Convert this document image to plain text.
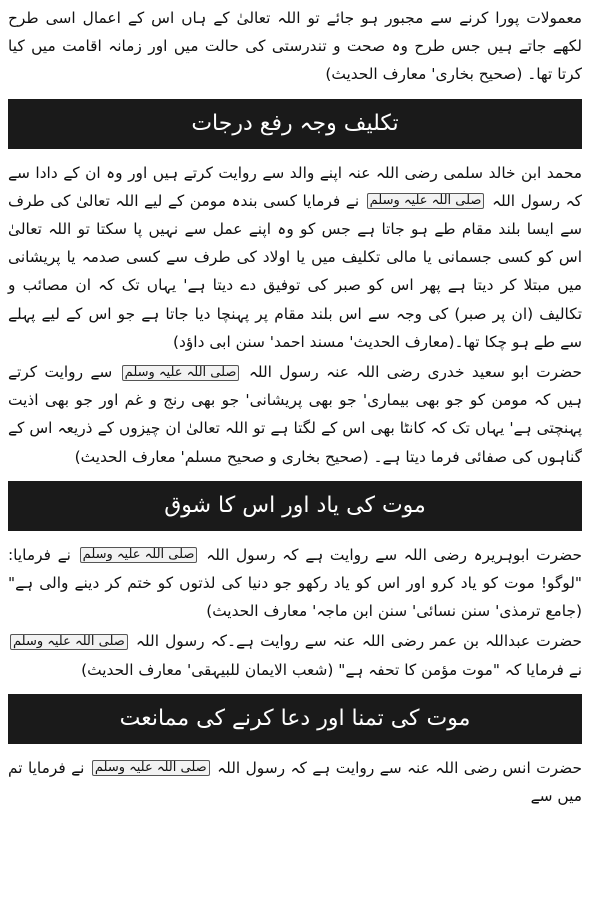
معمولات پورا کرنے سے مجبور ہو جائے تو اللہ تعالیٰ کے ہاں اس کے اعمال اسی طرح لکھے جاتے ہیں جس طرح وہ صحت و تندرستی کی حالت میں اور زمانہ اقامت میں کیا کرتا تھا۔ (صحیح بخاری' معارف الحدیث)

تکلیف وجہ رفع درجات

محمد ابن خالد سلمی رضی اللہ عنہ اپنے والد سے روایت کرتے ہیں اور وہ ان کے دادا سے کہ رسول اللہ صلی اللہ علیہ وسلم نے فرمایا کسی بندہ مومن کے لیے اللہ تعالیٰ کی طرف سے ایسا بلند مقام طے ہو جاتا ہے جس کو وہ اپنے عمل سے نہیں پا سکتا تو اللہ تعالیٰ اس کو کسی جسمانی یا مالی تکلیف میں یا اولاد کی طرف سے کسی صدمہ یا پریشانی میں مبتلا کر دیتا ہے پھر اس کو صبر کی توفیق دے دیتا ہے' یہاں تک کہ ان مصائب و تکالیف (ان پر صبر) کی وجہ سے اس بلند مقام پر پہنچا دیا جاتا ہے جو اس کے لیے پہلے سے طے ہو چکا تھا۔(معارف الحدیث' مسند احمد' سنن ابی داؤد)

حضرت ابو سعید خدری رضی اللہ عنہ رسول اللہ صلی اللہ علیہ وسلم سے روایت کرتے ہیں کہ مومن کو جو بھی بیماری' جو بھی پریشانی' جو بھی رنج و غم اور جو بھی اذیت پہنچتی ہے' یہاں تک کہ کانٹا بھی اس کے لگتا ہے تو اللہ تعالیٰ ان چیزوں کے ذریعہ اس کے گناہوں کی صفائی فرما دیتا ہے۔ (صحیح بخاری و صحیح مسلم' معارف الحدیث)

موت کی یاد اور اس کا شوق

حضرت ابوہریرہ رضی اللہ سے روایت ہے کہ رسول اللہ صلی اللہ علیہ وسلم نے فرمایا: "لوگو! موت کو یاد کرو اور اس کو یاد رکھو جو دنیا کی لذتوں کو ختم کر دینے والی ہے"(جامع ترمذی' سنن نسائی' سنن ابن ماجہ' معارف الحدیث)

حضرت عبداللہ بن عمر رضی اللہ عنہ سے روایت ہے۔کہ رسول اللہ صلی اللہ علیہ وسلم نے فرمایا کہ "موت مؤمن کا تحفہ ہے" (شعب الایمان للبیہقی' معارف الحدیث)

موت کی تمنا اور دعا کرنے کی ممانعت

حضرت انس رضی اللہ عنہ سے روایت ہے کہ رسول اللہ صلی اللہ علیہ وسلم نے فرمایا تم میں سے
